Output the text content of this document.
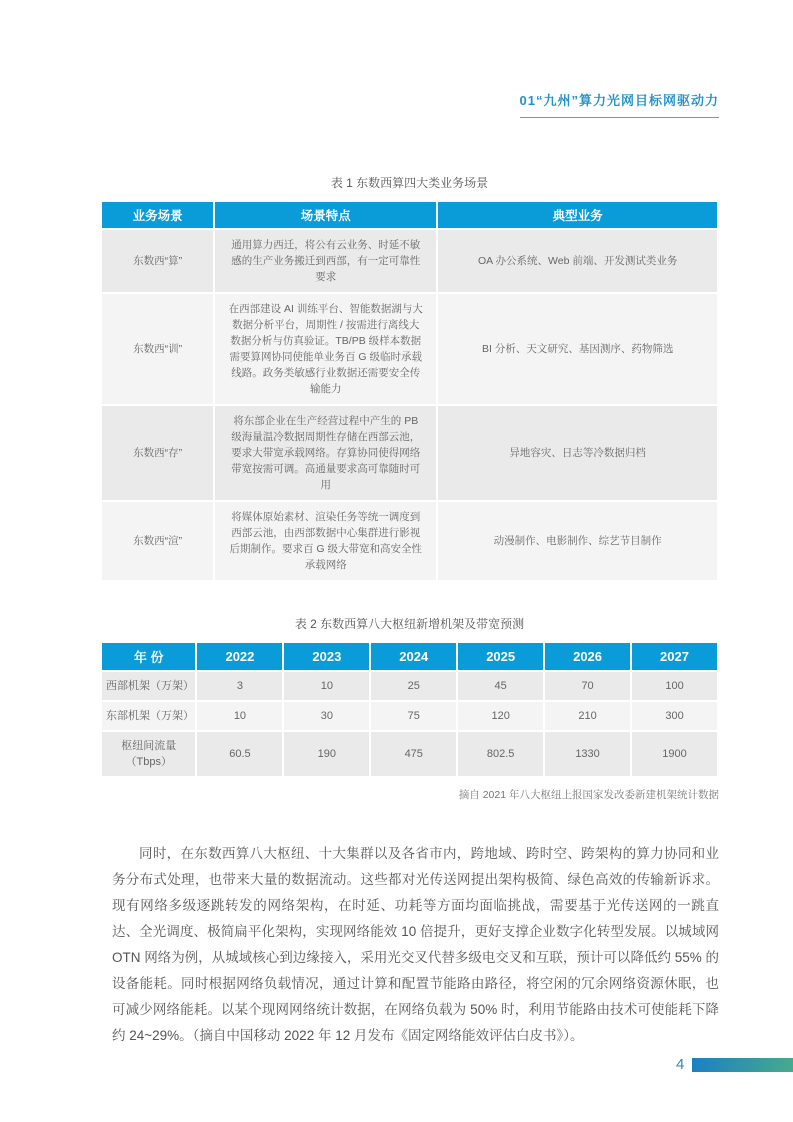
01“九州”算力光网目标网驱动力
表 1 东数西算四大类业务场景
业务场景	场景特点	典型业务
东数西“算”	通用算力西迁，将公有云业务、时延不敏感的生产业务搬迁到西部，有一定可靠性要求	OA 办公系统、Web 前端、开发测试类业务
东数西“训”	在西部建设 AI 训练平台、智能数据湖与大数据分析平台，周期性 / 按需进行离线大数据分析与仿真验证。TB/PB 级样本数据需要算网协同使能单业务百 G 级临时承载线路。政务类敏感行业数据还需要安全传输能力	BI 分析、天文研究、基因测序、药物筛选
东数西“存”	将东部企业在生产经营过程中产生的 PB 级海量温冷数据周期性存储在西部云池，要求大带宽承载网络。存算协同使得网络带宽按需可调。高通量要求高可靠随时可用	异地容灾、日志等冷数据归档
东数西“渲”	将媒体原始素材、渲染任务等统一调度到西部云池，由西部数据中心集群进行影视后期制作。要求百 G 级大带宽和高安全性承载网络	动漫制作、电影制作、综艺节目制作
表 2 东数西算八大枢纽新增机架及带宽预测
年 份	2022	2023	2024	2025	2026	2027
西部机架（万架）	3	10	25	45	70	100
东部机架（万架）	10	30	75	120	210	300
枢纽间流量（Tbps）	60.5	190	475	802.5	1330	1900
摘自 2021 年八大枢纽上报国家发改委新建机架统计数据

同时，在东数西算八大枢纽、十大集群以及各省市内，跨地域、跨时空、跨架构的算力协同和业务分布式处理，也带来大量的数据流动。这些都对光传送网提出架构极简、绿色高效的传输新诉求。现有网络多级逐跳转发的网络架构，在时延、功耗等方面均面临挑战，需要基于光传送网的一跳直达、全光调度、极简扁平化架构，实现网络能效 10 倍提升，更好支撑企业数字化转型发展。以城域网 OTN 网络为例，从城域核心到边缘接入，采用光交叉代替多级电交叉和互联，预计可以降低约 55% 的设备能耗。同时根据网络负载情况，通过计算和配置节能路由路径，将空闲的冗余网络资源休眠，也可减少网络能耗。以某个现网网络统计数据，在网络负载为 50% 时，利用节能路由技术可使能耗下降约 24~29%。（摘自中国移动 2022 年 12 月发布《固定网络能效评估白皮书》）。

4
